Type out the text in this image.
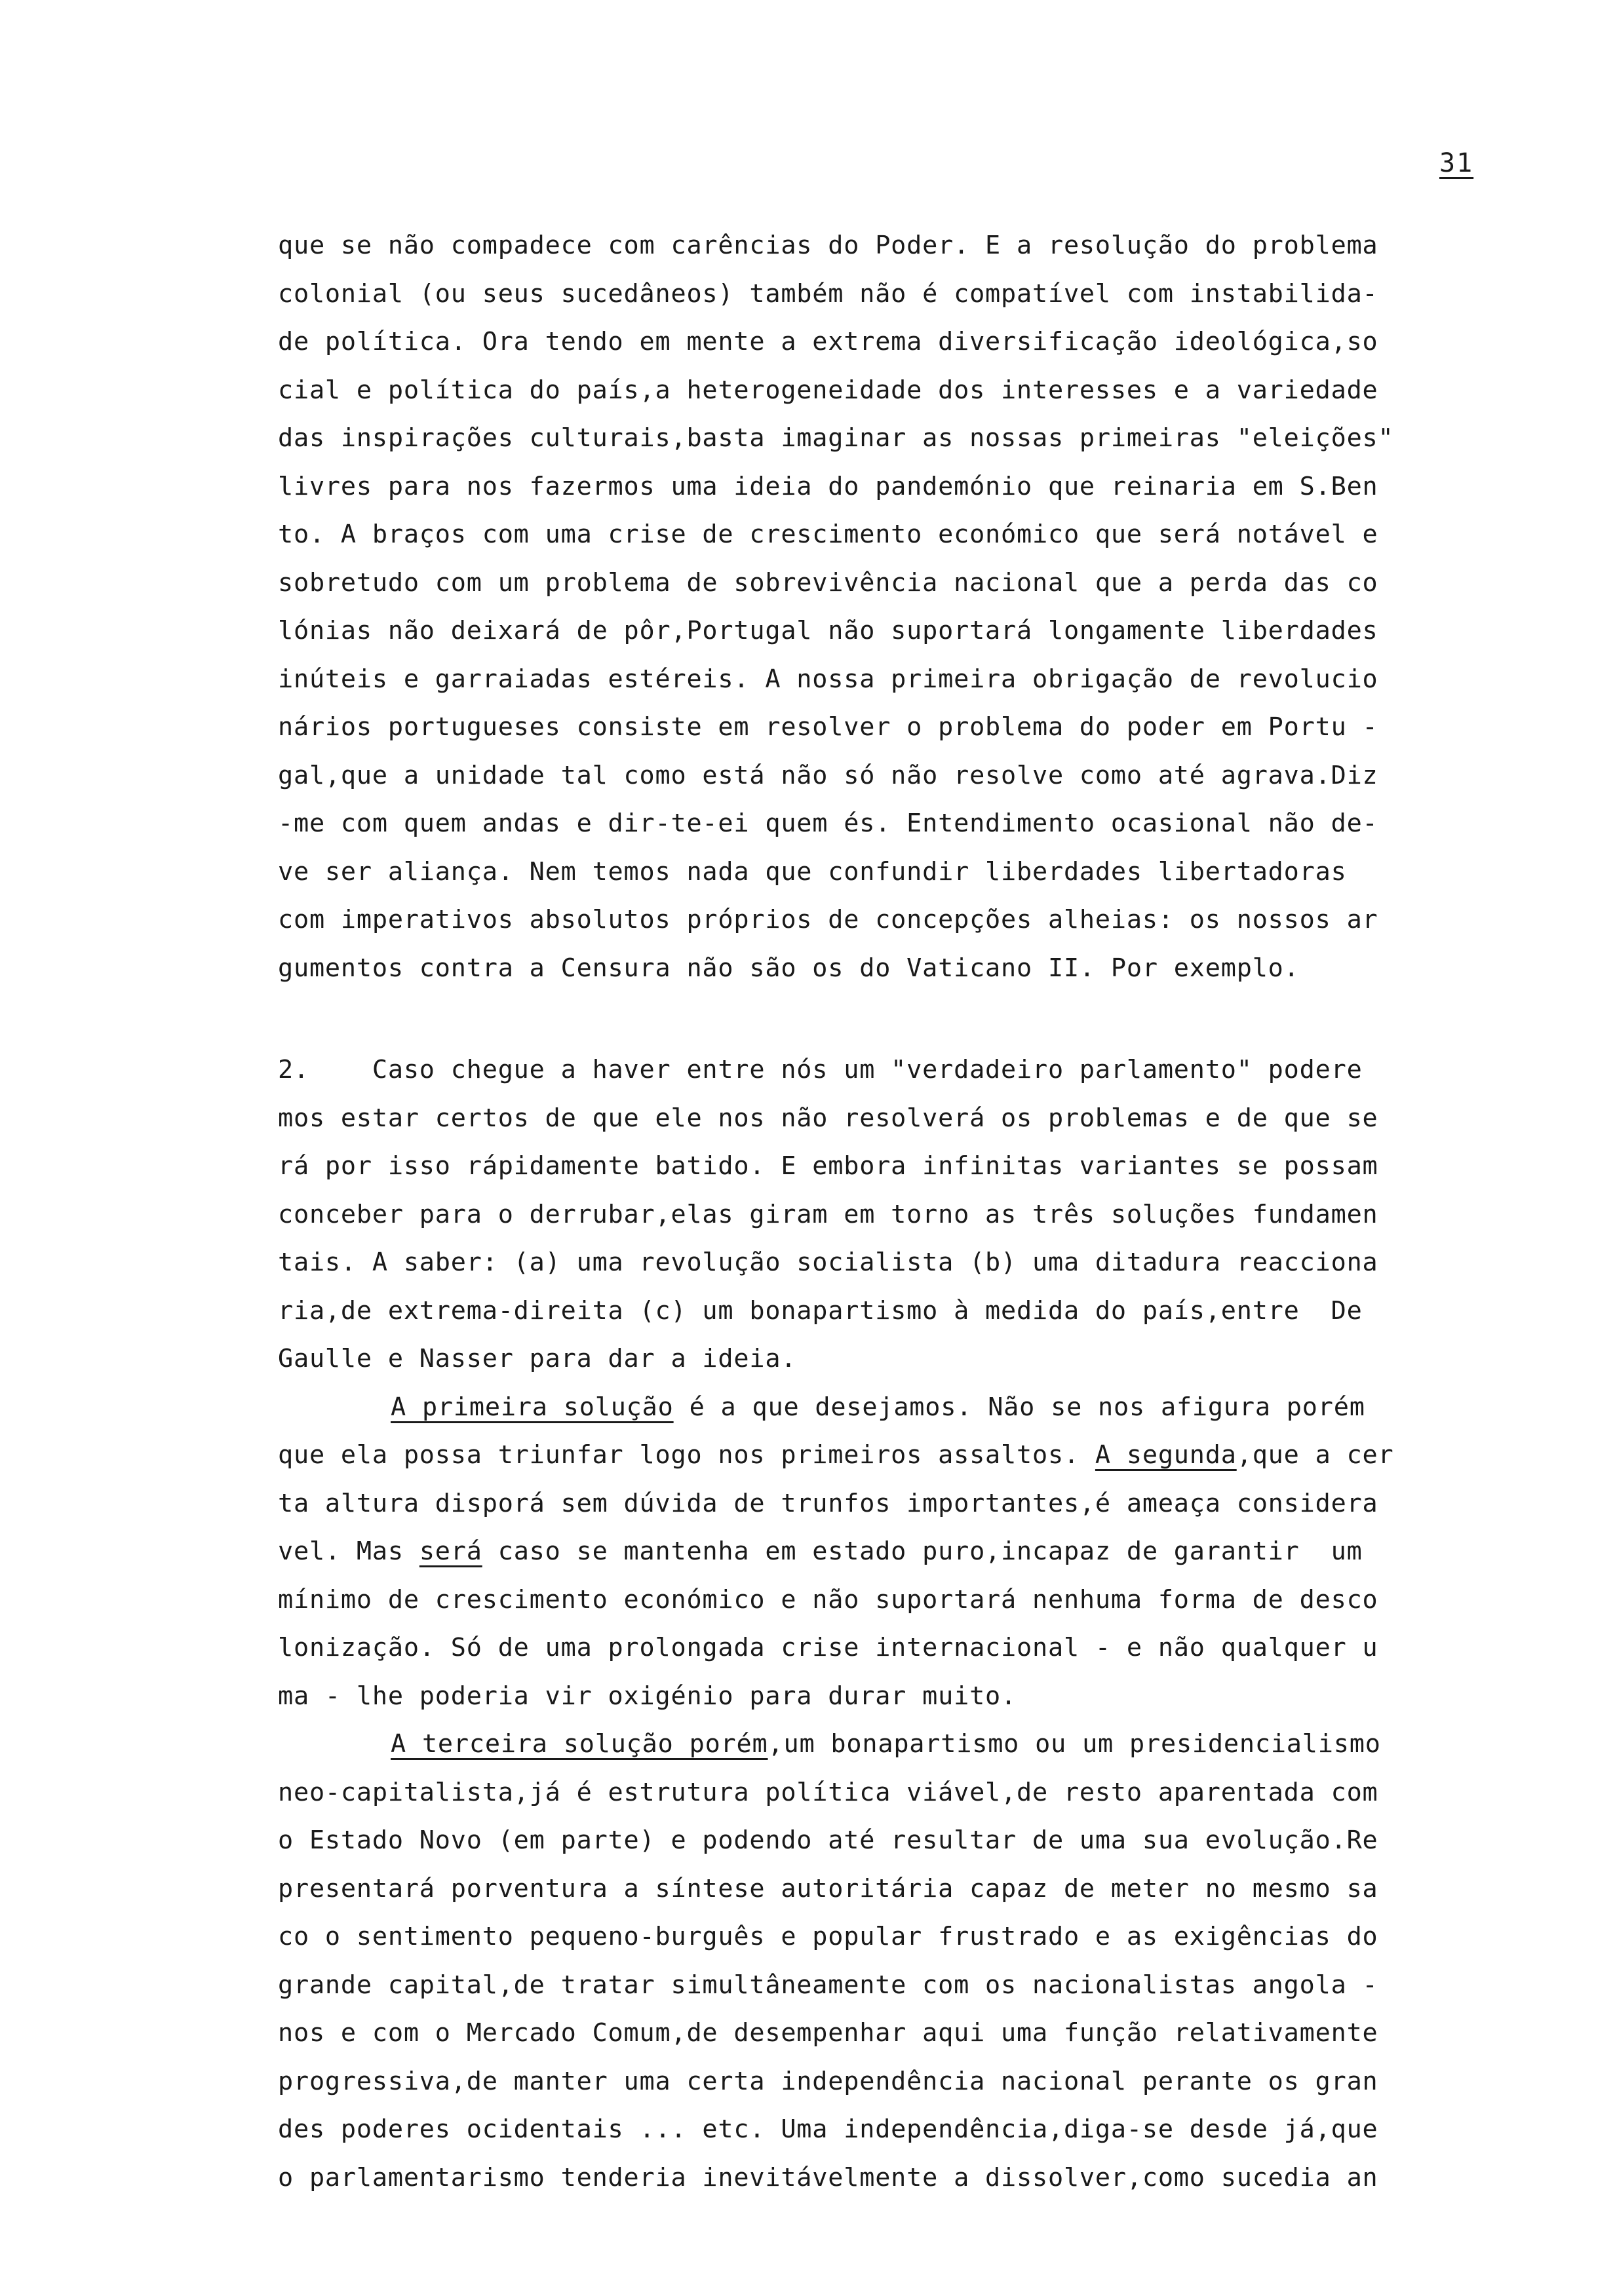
31
que se não compadece com carências do Poder. E a resolução do problema
colonial (ou seus sucedâneos) também não é compatível com instabilida-
de política. Ora tendo em mente a extrema diversificação ideológica,so
cial e política do país,a heterogeneidade dos interesses e a variedade
das inspirações culturais,basta imaginar as nossas primeiras "eleições"
livres para nos fazermos uma ideia do pandemónio que reinaria em S.Ben
to. A braços com uma crise de crescimento económico que será notável e
sobretudo com um problema de sobrevivência nacional que a perda das co
lónias não deixará de pôr,Portugal não suportará longamente liberdades
inúteis e garraiadas estéreis. A nossa primeira obrigação de revolucio
nários portugueses consiste em resolver o problema do poder em Portu -
gal,que a unidade tal como está não só não resolve como até agrava.Diz
-me com quem andas e dir-te-ei quem és. Entendimento ocasional não de-
ve ser aliança. Nem temos nada que confundir liberdades libertadoras
com imperativos absolutos próprios de concepções alheias: os nossos ar
gumentos contra a Censura não são os do Vaticano II. Por exemplo.
2.    Caso chegue a haver entre nós um "verdadeiro parlamento" podere
mos estar certos de que ele nos não resolverá os problemas e de que se
rá por isso rápidamente batido. E embora infinitas variantes se possam
conceber para o derrubar,elas giram em torno as três soluções fundamen
tais. A saber: (a) uma revolução socialista (b) uma ditadura reacciona
ria,de extrema-direita (c) um bonapartismo à medida do país,entre  De
Gaulle e Nasser para dar a ideia.
A primeira solução é a que desejamos. Não se nos afigura porém
que ela possa triunfar logo nos primeiros assaltos. A segunda,que a cer
ta altura disporá sem dúvida de trunfos importantes,é ameaça considera
vel. Mas será caso se mantenha em estado puro,incapaz de garantir  um
mínimo de crescimento económico e não suportará nenhuma forma de desco
lonização. Só de uma prolongada crise internacional - e não qualquer u
ma - lhe poderia vir oxigénio para durar muito.
A terceira solução porém,um bonapartismo ou um presidencialismo
neo-capitalista,já é estrutura política viável,de resto aparentada com
o Estado Novo (em parte) e podendo até resultar de uma sua evolução.Re
presentará porventura a síntese autoritária capaz de meter no mesmo sa
co o sentimento pequeno-burguês e popular frustrado e as exigências do
grande capital,de tratar simultâneamente com os nacionalistas angola -
nos e com o Mercado Comum,de desempenhar aqui uma função relativamente
progressiva,de manter uma certa independência nacional perante os gran
des poderes ocidentais ... etc. Uma independência,diga-se desde já,que
o parlamentarismo tenderia inevitávelmente a dissolver,como sucedia an
